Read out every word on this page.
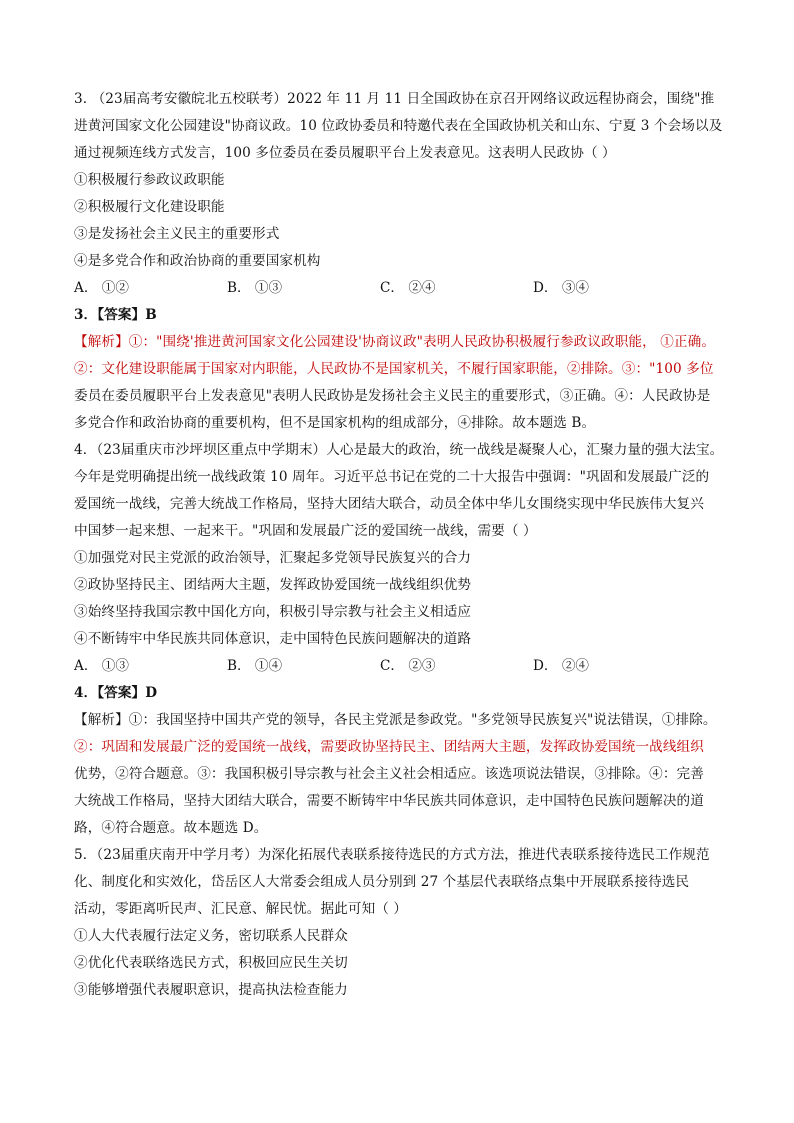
3. （23届高考安徽皖北五校联考）2022 年 11 月 11 日全国政协在京召开网络议政远程协商会，围绕"推
进黄河国家文化公园建设"协商议政。10 位政协委员和特邀代表在全国政协机关和山东、宁夏 3 个会场以及
通过视频连线方式发言，100 多位委员在委员履职平台上发表意见。这表明人民政协（ ）
①积极履行参政议政职能
②积极履行文化建设职能
③是发扬社会主义民主的重要形式
④是多党合作和政治协商的重要国家机构
A． ①②	B． ①③	C． ②④	D． ③④
3．【答案】B
【解析】①："围绕'推进黄河国家文化公园建设'协商议政"表明人民政协积极履行参政议政职能， ①正确。
②：文化建设职能属于国家对内职能，人民政协不是国家机关，不履行国家职能，②排除。③："100 多位
委员在委员履职平台上发表意见"表明人民政协是发扬社会主义民主的重要形式，③正确。④：人民政协是
多党合作和政治协商的重要机构，但不是国家机构的组成部分，④排除。故本题选 B。
4．（23届重庆市沙坪坝区重点中学期末）人心是最大的政治，统一战线是凝聚人心，汇聚力量的强大法宝。
今年是党明确提出统一战线政策 10 周年。习近平总书记在党的二十大报告中强调："巩固和发展最广泛的
爱国统一战线，完善大统战工作格局，坚持大团结大联合，动员全体中华儿女围绕实现中华民族伟大复兴
中国梦一起来想、一起来干。"巩固和发展最广泛的爱国统一战线，需要（ ）
①加强党对民主党派的政治领导，汇聚起多党领导民族复兴的合力
②政协坚持民主、团结两大主题，发挥政协爱国统一战线组织优势
③始终坚持我国宗教中国化方向，积极引导宗教与社会主义相适应
④不断铸牢中华民族共同体意识，走中国特色民族问题解决的道路
A． ①③	B． ①④	C． ②③	D． ②④
4．【答案】D
【解析】①：我国坚持中国共产党的领导，各民主党派是参政党。"多党领导民族复兴"说法错误，①排除。
②：巩固和发展最广泛的爱国统一战线，需要政协坚持民主、团结两大主题，发挥政协爱国统一战线组织
优势，②符合题意。③：我国积极引导宗教与社会主义社会相适应。该选项说法错误，③排除。④：完善
大统战工作格局，坚持大团结大联合，需要不断铸牢中华民族共同体意识，走中国特色民族问题解决的道
路，④符合题意。故本题选 D。
5．（23届重庆南开中学月考）为深化拓展代表联系接待选民的方式方法，推进代表联系接待选民工作规范
化、制度化和实效化，岱岳区人大常委会组成人员分别到 27 个基层代表联络点集中开展联系接待选民
活动，零距离听民声、汇民意、解民忧。据此可知（ ）
①人大代表履行法定义务，密切联系人民群众
②优化代表联络选民方式，积极回应民生关切
③能够增强代表履职意识，提高执法检查能力
